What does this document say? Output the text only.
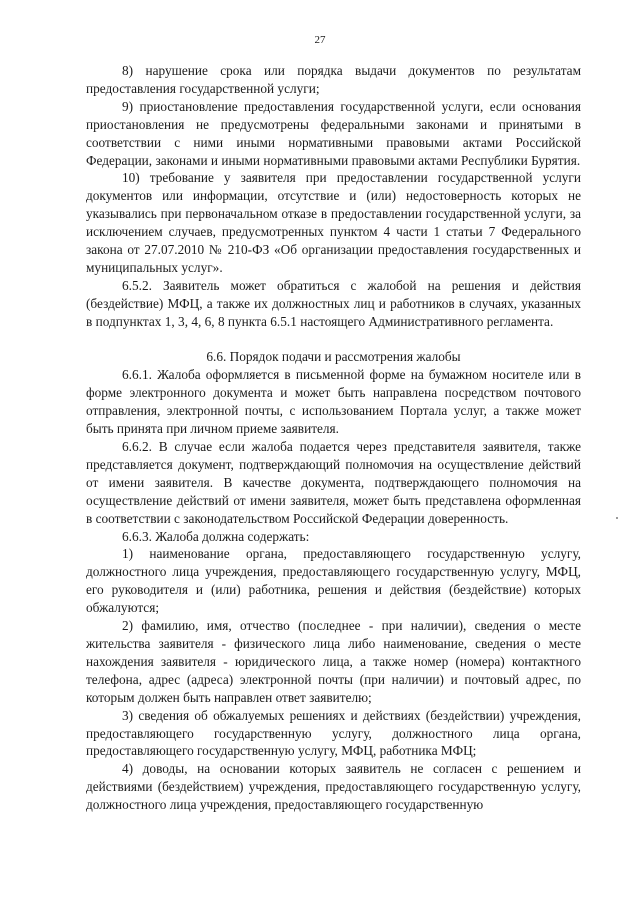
27

8) нарушение срока или порядка выдачи документов по результатам предоставления государственной услуги;

9) приостановление предоставления государственной услуги, если основания приостановления не предусмотрены федеральными законами и принятыми в соответствии с ними иными нормативными правовыми актами Российской Федерации, законами и иными нормативными правовыми актами Республики Бурятия.

10) требование у заявителя при предоставлении государственной услуги документов или информации, отсутствие и (или) недостоверность которых не указывались при первоначальном отказе в предоставлении государственной услуги, за исключением случаев, предусмотренных пунктом 4 части 1 статьи 7 Федерального закона от 27.07.2010 № 210-ФЗ «Об организации предоставления государственных и муниципальных услуг».

6.5.2. Заявитель может обратиться с жалобой на решения и действия (бездействие) МФЦ, а также их должностных лиц и работников в случаях, указанных в подпунктах 1, 3, 4, 6, 8 пункта 6.5.1 настоящего Административного регламента.

6.6. Порядок подачи и рассмотрения жалобы

6.6.1. Жалоба оформляется в письменной форме на бумажном носителе или в форме электронного документа и может быть направлена посредством почтового отправления, электронной почты, с использованием Портала услуг, а также может быть принята при личном приеме заявителя.

6.6.2. В случае если жалоба подается через представителя заявителя, также представляется документ, подтверждающий полномочия на осуществление действий от имени заявителя. В качестве документа, подтверждающего полномочия на осуществление действий от имени заявителя, может быть представлена оформленная в соответствии с законодательством Российской Федерации доверенность.

6.6.3. Жалоба должна содержать:

1) наименование органа, предоставляющего государственную услугу, должностного лица учреждения, предоставляющего государственную услугу, МФЦ, его руководителя и (или) работника, решения и действия (бездействие) которых обжалуются;

2) фамилию, имя, отчество (последнее - при наличии), сведения о месте жительства заявителя - физического лица либо наименование, сведения о месте нахождения заявителя - юридического лица, а также номер (номера) контактного телефона, адрес (адреса) электронной почты (при наличии) и почтовый адрес, по которым должен быть направлен ответ заявителю;

3) сведения об обжалуемых решениях и действиях (бездействии) учреждения, предоставляющего государственную услугу, должностного лица органа, предоставляющего государственную услугу, МФЦ, работника МФЦ;

4) доводы, на основании которых заявитель не согласен с решением и действиями (бездействием) учреждения, предоставляющего государственную услугу, должностного лица учреждения, предоставляющего государственную
